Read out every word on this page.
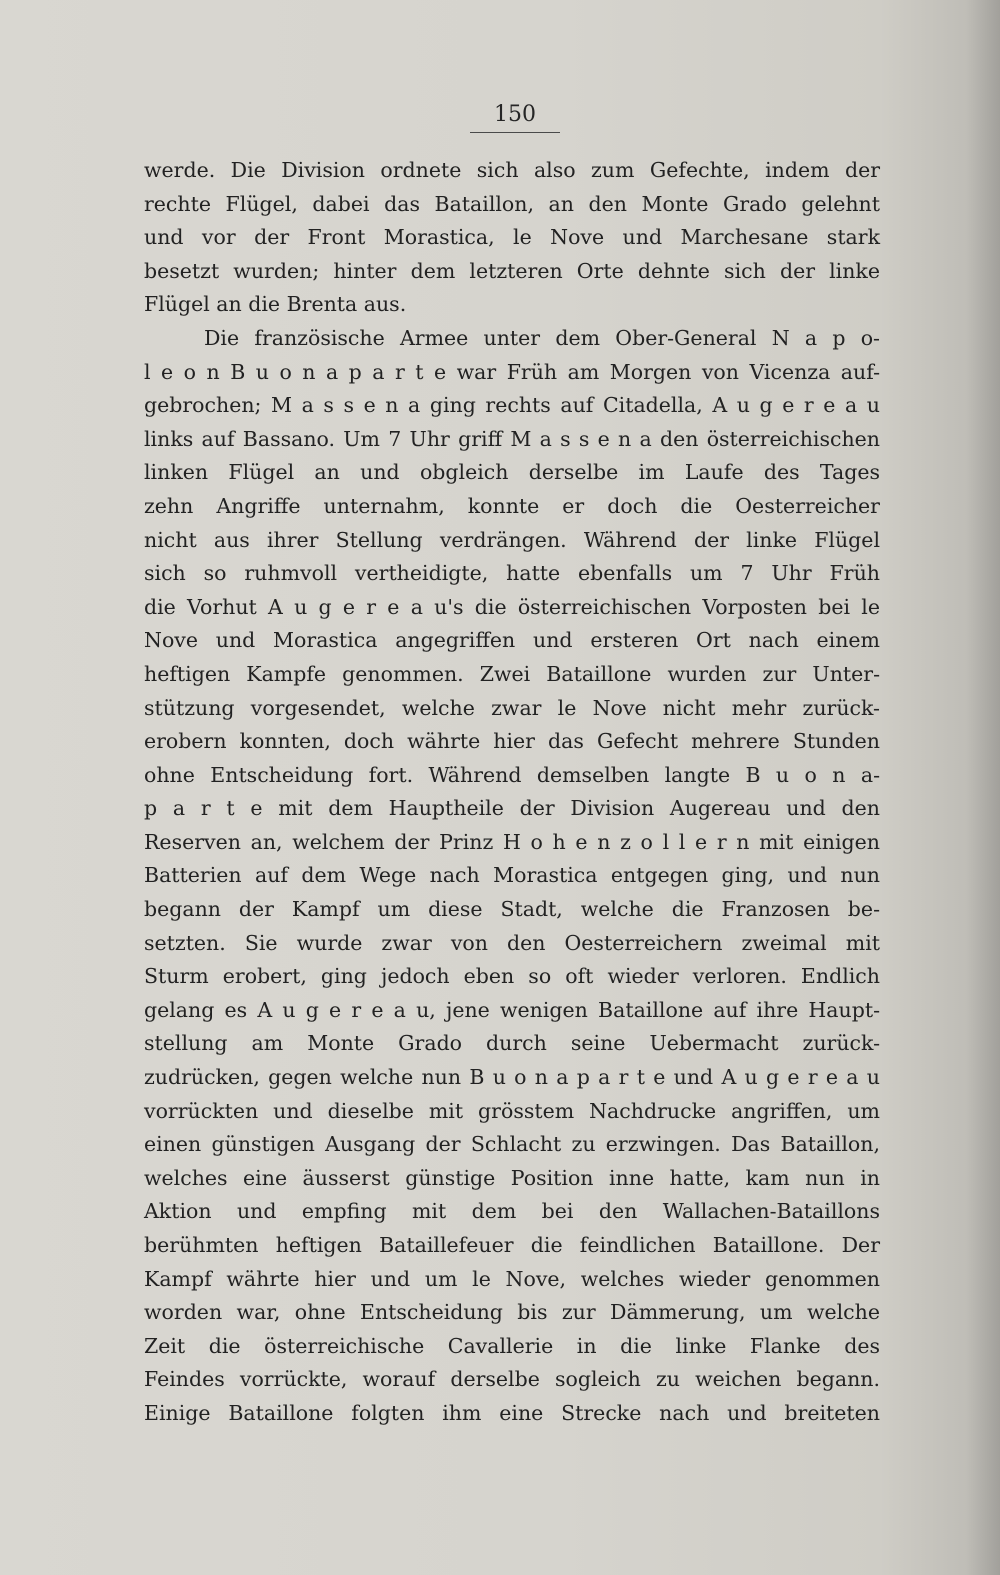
150
werde. Die Division ordnete sich also zum Gefechte, indem der
rechte Flügel, dabei das Bataillon, an den Monte Grado gelehnt
und vor der Front Morastica, le Nove und Marchesane stark
besetzt wurden; hinter dem letzteren Orte dehnte sich der linke
Flügel an die Brenta aus.
Die französische Armee unter dem Ober-General N a p o-
l e o n B u o n a p a r t e war Früh am Morgen von Vicenza auf-
gebrochen; M a s s e n a ging rechts auf Citadella, A u g e r e a u
links auf Bassano. Um 7 Uhr griff M a s s e n a den österreichischen
linken Flügel an und obgleich derselbe im Laufe des Tages
zehn Angriffe unternahm, konnte er doch die Oesterreicher
nicht aus ihrer Stellung verdrängen. Während der linke Flügel
sich so ruhmvoll vertheidigte, hatte ebenfalls um 7 Uhr Früh
die Vorhut A u g e r e a u's die österreichischen Vorposten bei le
Nove und Morastica angegriffen und ersteren Ort nach einem
heftigen Kampfe genommen. Zwei Bataillone wurden zur Unter-
stützung vorgesendet, welche zwar le Nove nicht mehr zurück-
erobern konnten, doch währte hier das Gefecht mehrere Stunden
ohne Entscheidung fort. Während demselben langte B u o n a-
p a r t e mit dem Hauptheile der Division Augereau und den
Reserven an, welchem der Prinz H o h e n z o l l e r n mit einigen
Batterien auf dem Wege nach Morastica entgegen ging, und nun
begann der Kampf um diese Stadt, welche die Franzosen be-
setzten. Sie wurde zwar von den Oesterreichern zweimal mit
Sturm erobert, ging jedoch eben so oft wieder verloren. Endlich
gelang es A u g e r e a u, jene wenigen Bataillone auf ihre Haupt-
stellung am Monte Grado durch seine Uebermacht zurück-
zudrücken, gegen welche nun B u o n a p a r t e und A u g e r e a u
vorrückten und dieselbe mit grösstem Nachdrucke angriffen, um
einen günstigen Ausgang der Schlacht zu erzwingen. Das Bataillon,
welches eine äusserst günstige Position inne hatte, kam nun in
Aktion und empfing mit dem bei den Wallachen-Bataillons
berühmten heftigen Bataillefeuer die feindlichen Bataillone. Der
Kampf währte hier und um le Nove, welches wieder genommen
worden war, ohne Entscheidung bis zur Dämmerung, um welche
Zeit die österreichische Cavallerie in die linke Flanke des
Feindes vorrückte, worauf derselbe sogleich zu weichen begann.
Einige Bataillone folgten ihm eine Strecke nach und breiteten
